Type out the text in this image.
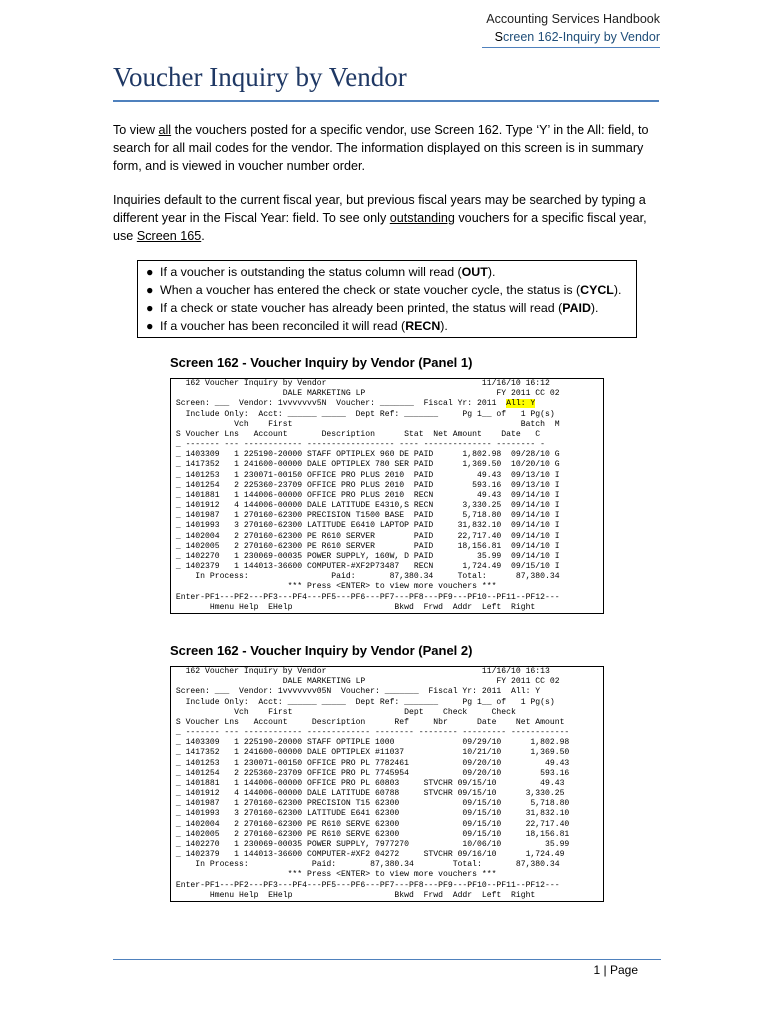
Accounting Services Handbook
Screen 162-Inquiry by Vendor
Voucher Inquiry by Vendor
To view all the vouchers posted for a specific vendor, use Screen 162. Type ‘Y’ in the All: field, to search for all mail codes for the vendor. The information displayed on this screen is in summary form, and is viewed in voucher number order.
Inquiries default to the current fiscal year, but previous fiscal years may be searched by typing a different year in the Fiscal Year: field. To see only outstanding vouchers for a specific fiscal year, use Screen 165.
● If a voucher is outstanding the status column will read (OUT).
● When a voucher has entered the check or state voucher cycle, the status is (CYCL).
● If a check or state voucher has already been printed, the status will read (PAID).
● If a voucher has been reconciled it will read (RECN).
Screen 162 - Voucher Inquiry by Vendor (Panel 1)
162 Voucher Inquiry by Vendor                                11/16/10 16:12
DALE MARKETING LP                           FY 2011 CC 02
Screen: ___  Vendor: 1vvvvvvv5N  Voucher: _______  Fiscal Yr: 2011  All: Y
Include Only:  Acct: ______ _____  Dept Ref: _______     Pg 1__ of   1 Pg(s)
Vch    First                                               Batch  M
S Voucher Lns   Account       Description      Stat  Net Amount    Date   C
_ ------- --- ------------ ------------------ ---- -------------- -------- -
_ 1403309   1 225190-20000 STAFF OPTIPLEX 960 DE PAID      1,802.98  09/28/10 G
_ 1417352   1 241600-00000 DALE OPTIPLEX 780 SER PAID      1,369.50  10/20/10 G
_ 1401253   1 230071-00150 OFFICE PRO PLUS 2010  PAID         49.43  09/13/10 I
_ 1401254   2 225360-23709 OFFICE PRO PLUS 2010  PAID        593.16  09/13/10 I
_ 1401881   1 144006-00000 OFFICE PRO PLUS 2010  RECN         49.43  09/14/10 I
_ 1401912   4 144006-00000 DALE LATITUDE E4310,S RECN      3,330.25  09/14/10 I
_ 1401987   1 270160-62300 PRECISION T1500 BASE  PAID      5,718.80  09/14/10 I
_ 1401993   3 270160-62300 LATITUDE E6410 LAPTOP PAID     31,832.10  09/14/10 I
_ 1402004   2 270160-62300 PE R610 SERVER        PAID     22,717.40  09/14/10 I
_ 1402005   2 270160-62300 PE R610 SERVER        PAID     18,156.81  09/14/10 I
_ 1402270   1 230069-00035 POWER SUPPLY, 160W, D PAID         35.99  09/14/10 I
_ 1402379   1 144013-36600 COMPUTER-#XF2P73487   RECN      1,724.49  09/15/10 I
In Process:                 Paid:       87,380.34     Total:      87,380.34
*** Press <ENTER> to view more vouchers ***
Enter-PF1---PF2---PF3---PF4---PF5---PF6---PF7---PF8---PF9---PF10--PF11--PF12---
Hmenu Help  EHelp                     Bkwd  Frwd  Addr  Left  Right
Screen 162 - Voucher Inquiry by Vendor (Panel 2)
162 Voucher Inquiry by Vendor                                11/16/10 16:13
DALE MARKETING LP                           FY 2011 CC 02
Screen: ___  Vendor: 1vvvvvvv05N  Voucher: _______  Fiscal Yr: 2011  All: Y
Include Only:  Acct: ______ _____  Dept Ref: _______     Pg 1__ of   1 Pg(s)
Vch    First                       Dept    Check     Check
S Voucher Lns   Account     Description      Ref     Nbr      Date    Net Amount
_ ------- --- ------------ ------------- -------- -------- --------- ------------
_ 1403309   1 225190-20000 STAFF OPTIPLE 1000              09/29/10      1,802.98
_ 1417352   1 241600-00000 DALE OPTIPLEX #11037            10/21/10      1,369.50
_ 1401253   1 230071-00150 OFFICE PRO PL 7782461           09/20/10         49.43
_ 1401254   2 225360-23709 OFFICE PRO PL 7745954           09/20/10        593.16
_ 1401881   1 144006-00000 OFFICE PRO PL 60803     STVCHR 09/15/10         49.43
_ 1401912   4 144006-00000 DALE LATITUDE 60788     STVCHR 09/15/10      3,330.25
_ 1401987   1 270160-62300 PRECISION T15 62300             09/15/10      5,718.80
_ 1401993   3 270160-62300 LATITUDE E641 62300             09/15/10     31,832.10
_ 1402004   2 270160-62300 PE R610 SERVE 62300             09/15/10     22,717.40
_ 1402005   2 270160-62300 PE R610 SERVE 62300             09/15/10     18,156.81
_ 1402270   1 230069-00035 POWER SUPPLY, 7977270           10/06/10         35.99
_ 1402379   1 144013-36600 COMPUTER-#XF2 04272     STVCHR 09/16/10      1,724.49
In Process:             Paid:       87,380.34        Total:       87,380.34
*** Press <ENTER> to view more vouchers ***
Enter-PF1---PF2---PF3---PF4---PF5---PF6---PF7---PF8---PF9---PF10--PF11--PF12---
Hmenu Help  EHelp                     Bkwd  Frwd  Addr  Left  Right
1 | Page
